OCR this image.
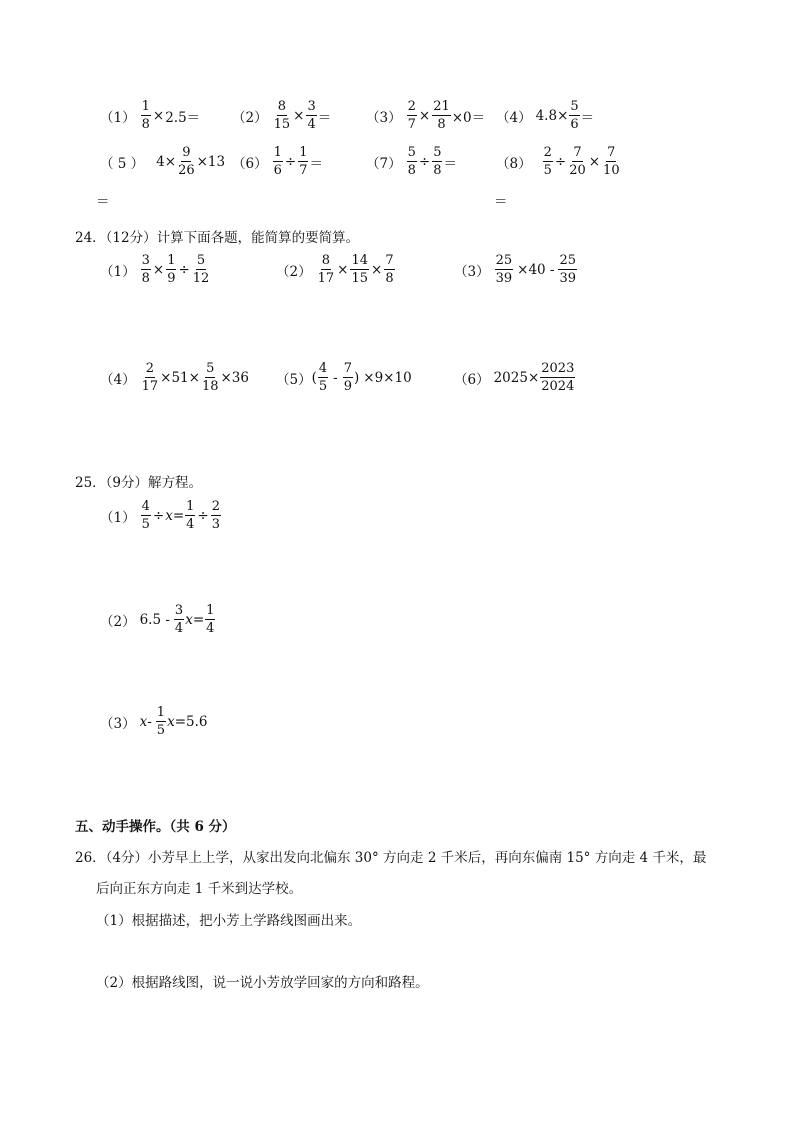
$(1) \frac{1}{8} \times 2.5= (2) \frac{8}{15} \times \frac{3}{4}$ ＝	$(3) \frac{2}{7} \times \frac{21}{8} \times 0= (4)$ $4.8\times \frac{5}{6}$ ＝
（ 5 ） $4\times \frac{9}{26} \times 13$ $(6) \frac{1}{6} \div \frac{1}{7}$ ＝	$(7) \frac{5}{8} \div \frac{5}{8}$ ＝	$(8) \frac{2}{5} \div \frac{7}{20} \times \frac{7}{10}$
＝	＝
24．（12分）计算下面各题，能简算的要简算。
$(1) \frac{3}{8} \times \frac{1}{9} \div \frac{5}{12}$	$(2) \frac{8}{17} \times \frac{14}{15} \times \frac{7}{8}$	$(3) \frac{25}{39} \times 40 - \frac{25}{39}$
$(4) \frac{2}{17} \times 51\times \frac{5}{18} \times 36$ （5） ( $\frac{4}{5} - \frac{7}{9}$ ) ×9×10	（6） $2025\times \frac{2023}{2024}$
25．（9分）解方程。
$(1) \frac{4}{5} \div x = \frac{1}{4} \div \frac{2}{3}$
（2） $6.5 - \frac{3}{4}$ $x = \frac{1}{4}$
（3） x - $\frac{1}{5}$ x =5.6
五、动手操作。（共 6 分）
26．（4分）小芳早上上学，从家出发向北偏东 30° 方向走 2 千米后，再向东偏南 15° 方向走 4 千米，最
后向正东方向走 1 千米到达学校。
（1）根据描述，把小芳上学路线图画出来。
（2）根据路线图，说一说小芳放学回家的方向和路程。
